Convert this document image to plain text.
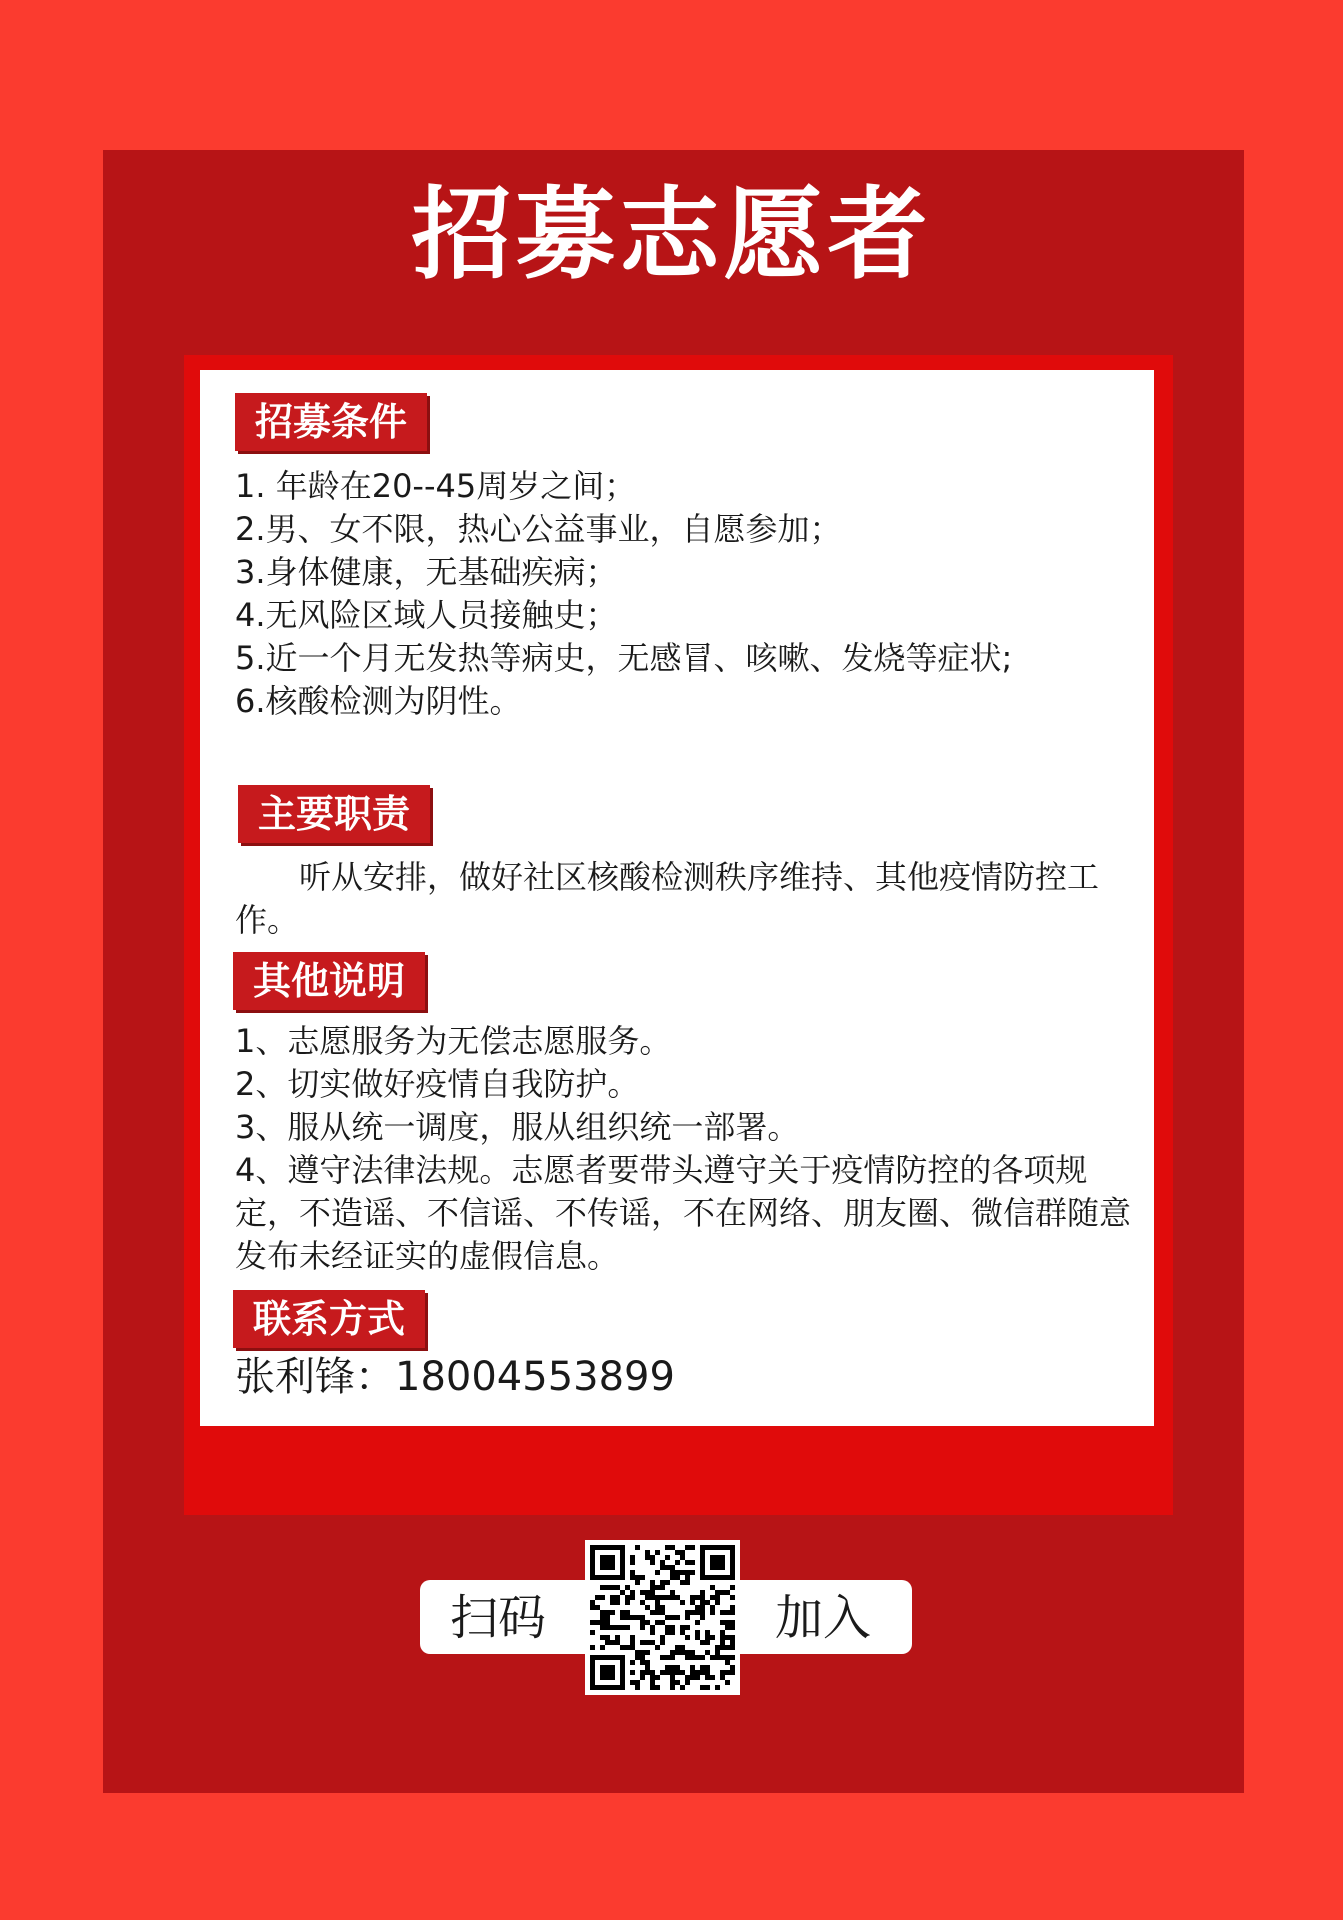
招募志愿者
招募条件
1. 年龄在20--45周岁之间；
2.男、女不限，热心公益事业，自愿参加；
3.身体健康，无基础疾病；
4.无风险区域人员接触史；
5.近一个月无发热等病史，无感冒、咳嗽、发烧等症状;
6.核酸检测为阴性。
主要职责

听从安排，做好社区核酸检测秩序维持、其他疫情防控工作。

其他说明
1、志愿服务为无偿志愿服务。
2、切实做好疫情自我防护。
3、服从统一调度，服从组织统一部署。
4、遵守法律法规。志愿者要带头遵守关于疫情防控的各项规定，不造谣、不信谣、不传谣，不在网络、朋友圈、微信群随意发布未经证实的虚假信息。
联系方式
张利锋：18004553899
扫码	加入
